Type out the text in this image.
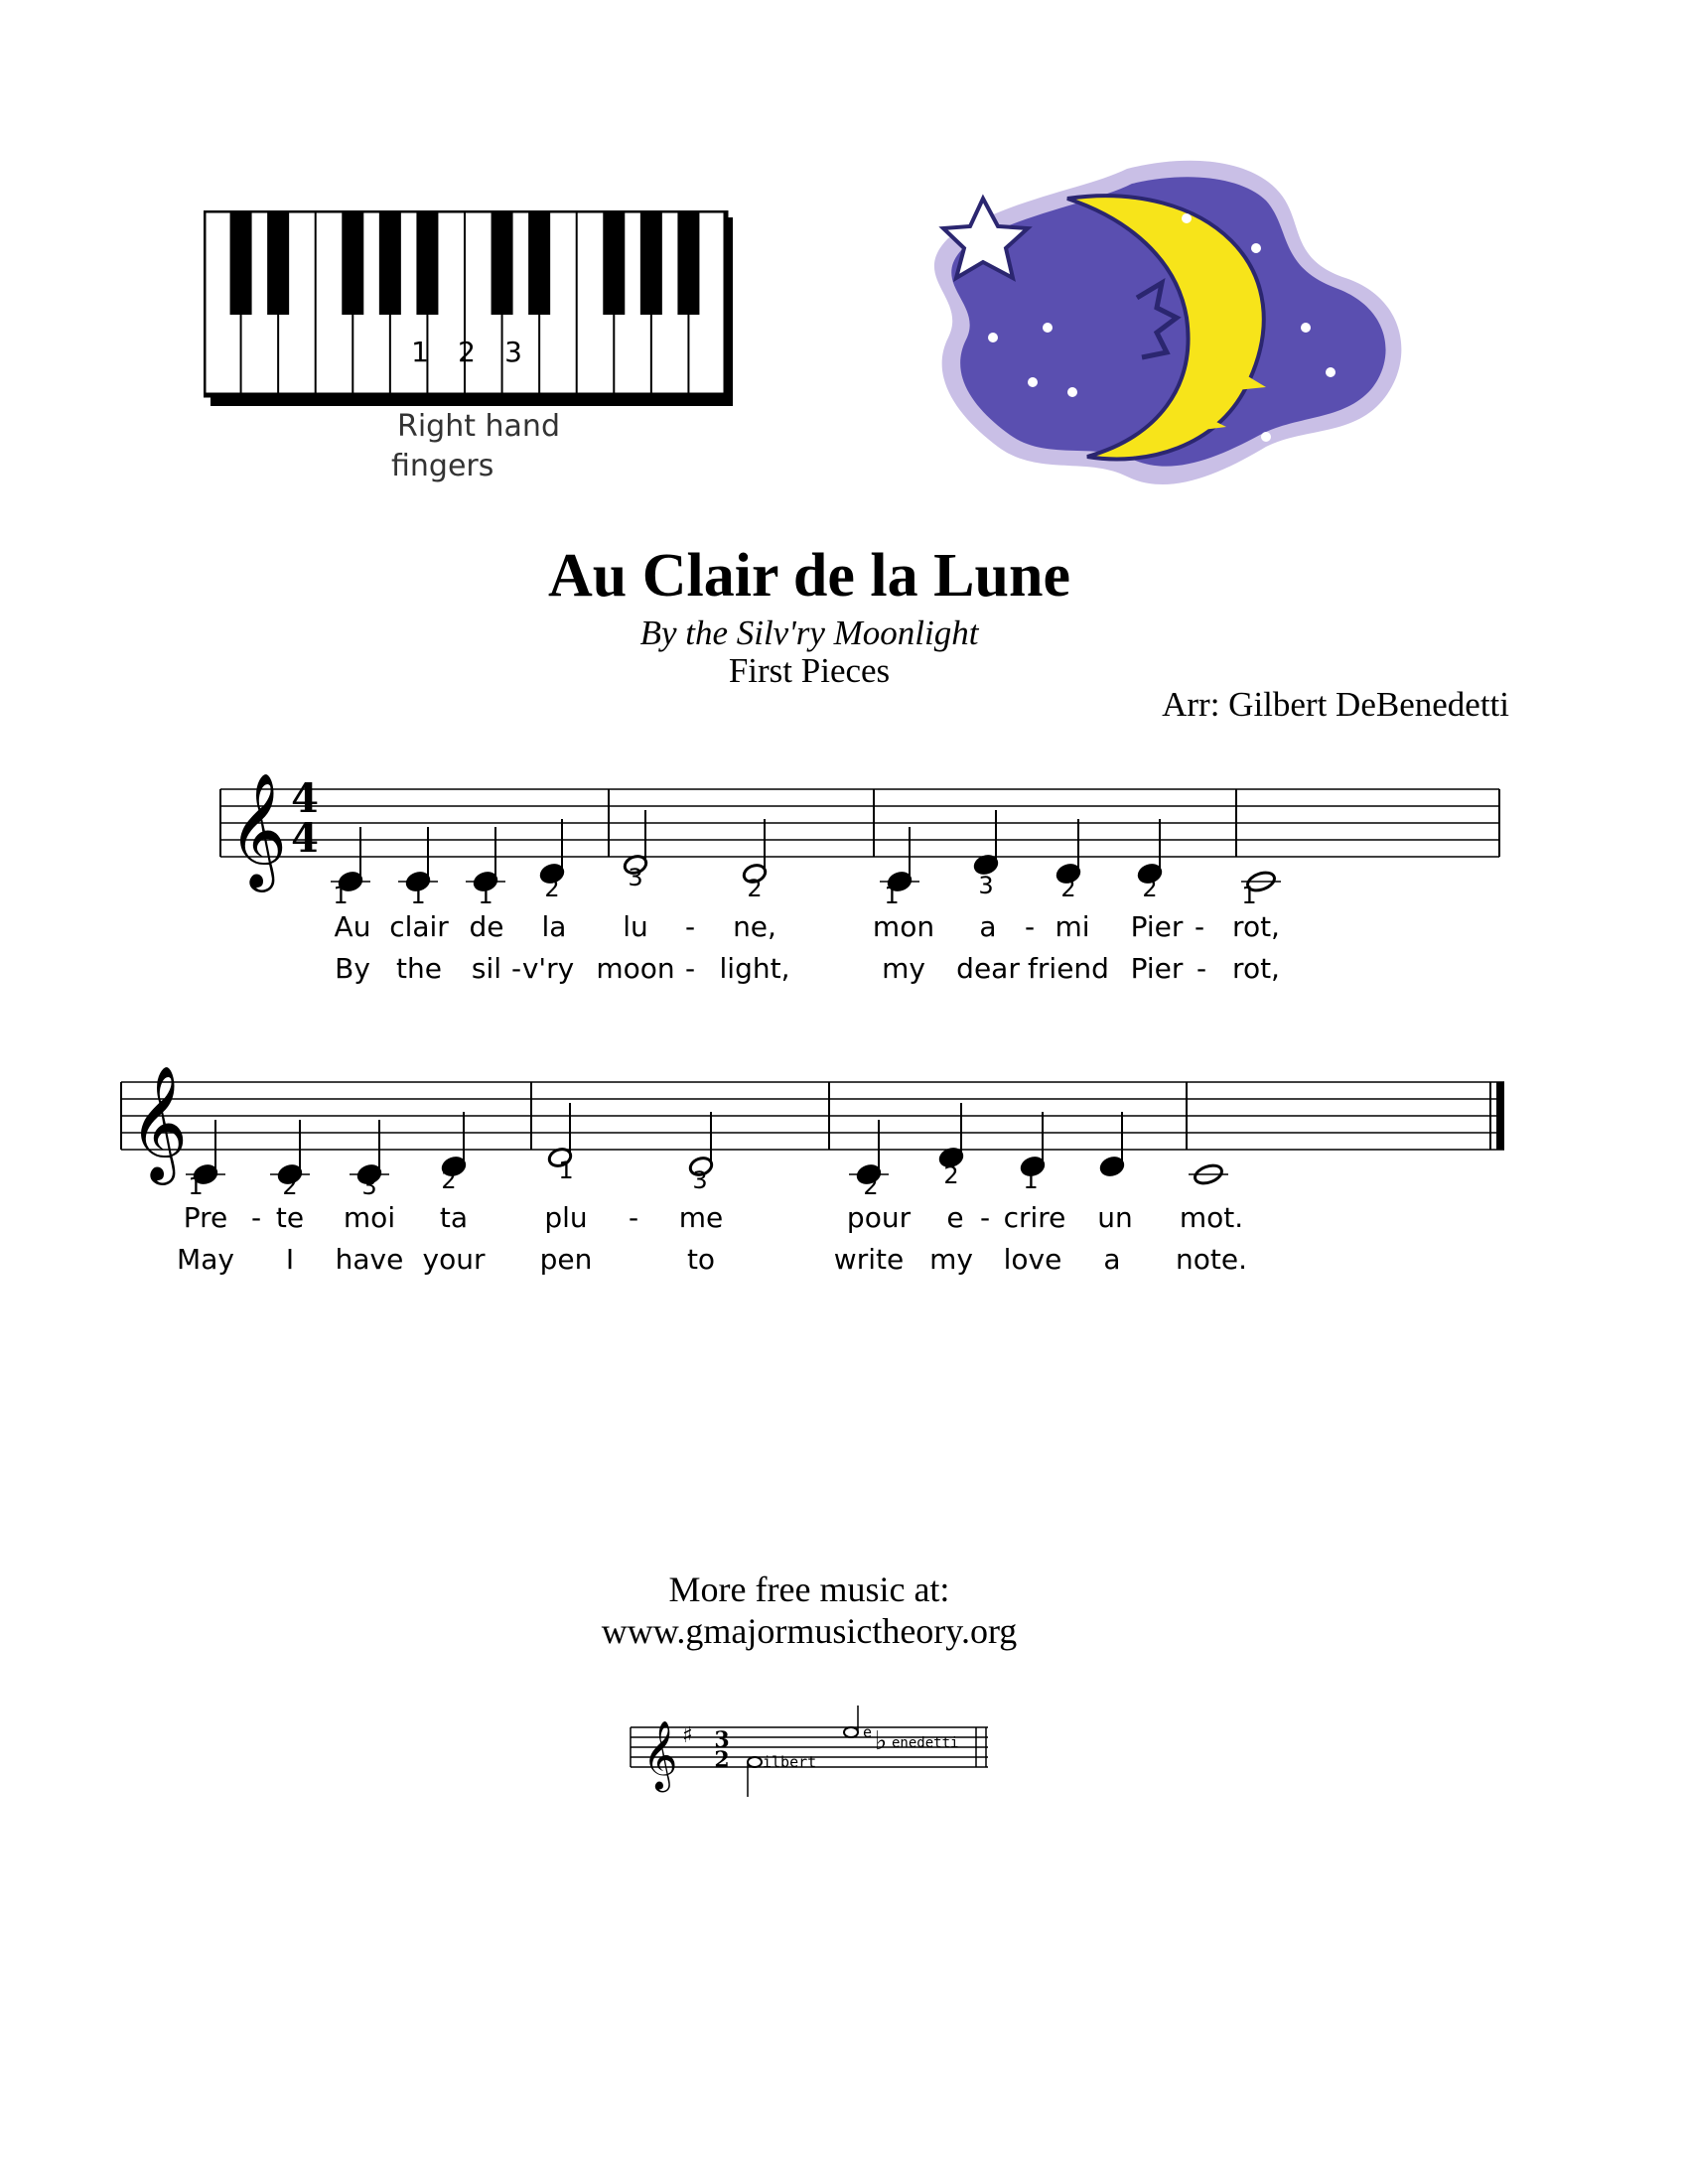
1 2 3
Right hand
fingers
Au Clair de la Lune
By the Silv'ry Moonlight
First Pieces
Arr: Gilbert DeBenedetti
𝄞
𝄞
4
4
1	1 1 2	3	2	1	3	2	2	1
1	2	3	2	1	3	2	2	1
Au clair de la lu - ne,	mon a - mi Pier - rot,
By the sil - v'ry moon - light,	my dear friend Pier - rot,
Pre - te moi ta	plu - me	pour e - crire un mot.
May I have your pen	to	write my love a note.
More free music at:
www.gmajormusictheory.org
𝄞 ♯ 3
2 ilbert
e ♭ enedetti
